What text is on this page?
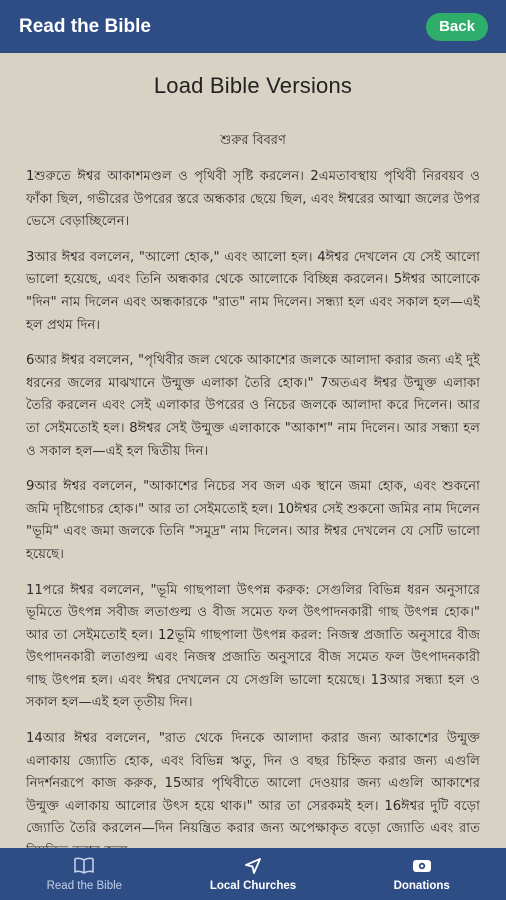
Read the Bible	Back
Load Bible Versions
শুরুর বিবরণ

1শুরুতে ঈশ্বর আকাশমণ্ডল ও পৃথিবী সৃষ্টি করলেন। 2এমতাবস্থায় পৃথিবী নিরবয়ব ও ফাঁকা ছিল, গভীরের উপরের স্তরে অন্ধকার ছেয়ে ছিল, এবং ঈশ্বরের আত্মা জলের উপর ভেসে বেড়াচ্ছিলেন।

3আর ঈশ্বর বললেন, "আলো হোক," এবং আলো হল। 4ঈশ্বর দেখলেন যে সেই আলো ভালো হয়েছে, এবং তিনি অন্ধকার থেকে আলোকে বিচ্ছিন্ন করলেন। 5ঈশ্বর আলোকে "দিন" নাম দিলেন এবং অন্ধকারকে "রাত" নাম দিলেন। সন্ধ্যা হল এবং সকাল হল—এই হল প্রথম দিন।

6আর ঈশ্বর বললেন, "পৃথিবীর জল থেকে আকাশের জলকে আলাদা করার জন্য এই দুই ধরনের জলের মাঝখানে উন্মুক্ত এলাকা তৈরি হোক।" 7অতএব ঈশ্বর উন্মুক্ত এলাকা তৈরি করলেন এবং সেই এলাকার উপরের ও নিচের জলকে আলাদা করে দিলেন। আর তা সেইমতোই হল। 8ঈশ্বর সেই উন্মুক্ত এলাকাকে "আকাশ" নাম দিলেন। আর সন্ধ্যা হল ও সকাল হল—এই হল দ্বিতীয় দিন।

9আর ঈশ্বর বললেন, "আকাশের নিচের সব জল এক স্থানে জমা হোক, এবং শুকনো জমি দৃষ্টিগোচর হোক।" আর তা সেইমতোই হল। 10ঈশ্বর সেই শুকনো জমির নাম দিলেন "ভূমি" এবং জমা জলকে তিনি "সমুদ্র" নাম দিলেন। আর ঈশ্বর দেখলেন যে সেটি ভালো হয়েছে।

11পরে ঈশ্বর বললেন, "ভূমি গাছপালা উৎপন্ন করুক: সেগুলির বিভিন্ন ধরন অনুসারে ভূমিতে উৎপন্ন সবীজ লতাগুল্ম ও বীজ সমেত ফল উৎপাদনকারী গাছ উৎপন্ন হোক।" আর তা সেইমতোই হল। 12ভূমি গাছপালা উৎপন্ন করল: নিজস্ব প্রজাতি অনুসারে বীজ উৎপাদনকারী লতাগুল্ম এবং নিজস্ব প্রজাতি অনুসারে বীজ সমেত ফল উৎপাদনকারী গাছ উৎপন্ন হল। এবং ঈশ্বর দেখলেন যে সেগুলি ভালো হয়েছে। 13আর সন্ধ্যা হল ও সকাল হল—এই হল তৃতীয় দিন।

14আর ঈশ্বর বললেন, "রাত থেকে দিনকে আলাদা করার জন্য আকাশের উন্মুক্ত এলাকায় জ্যোতি হোক, এবং বিভিন্ন ঋতু, দিন ও বছর চিহ্নিত করার জন্য এগুলি নিদর্শনরূপে কাজ করুক, 15আর পৃথিবীতে আলো দেওয়ার জন্য এগুলি আকাশের উন্মুক্ত এলাকায় আলোর উৎস হয়ে থাক।" আর তা সেরকমই হল। 16ঈশ্বর দুটি বড়ো জ্যোতি তৈরি করলেন—দিন নিয়ন্ত্রিত করার জন্য অপেক্ষাকৃত বড়ো জ্যোতি এবং রাত

Read the Bible	Local Churches	Donations
